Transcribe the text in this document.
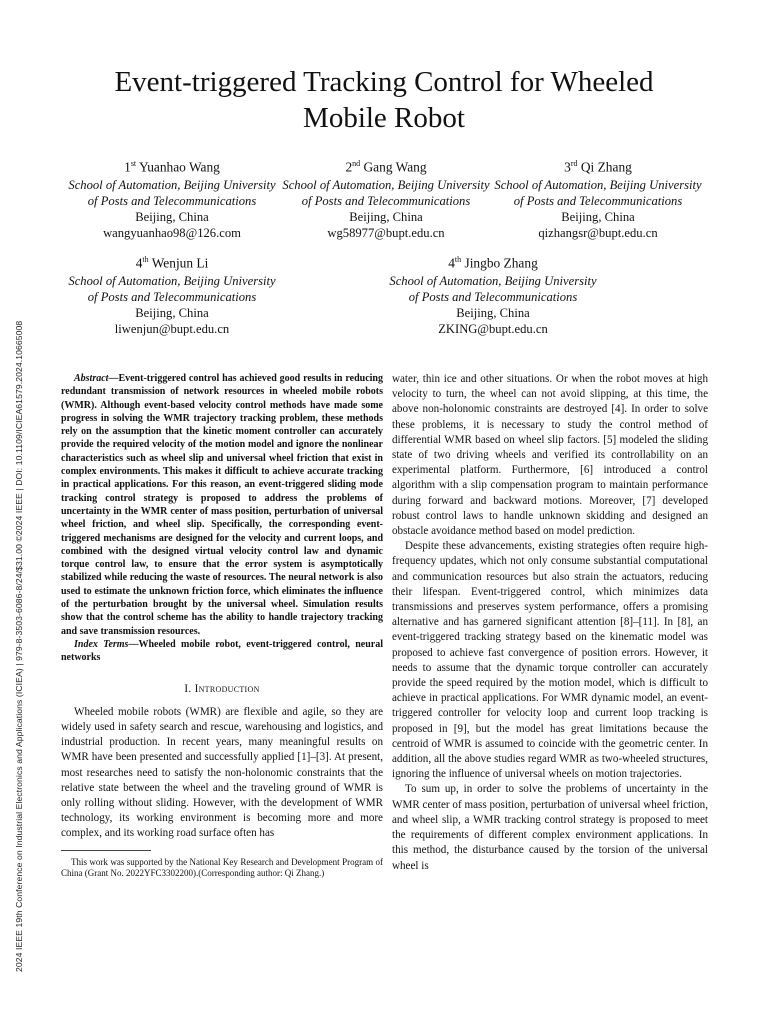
2024 IEEE 19th Conference on Industrial Electronics and Applications (ICIEA) | 979-8-3503-6086-8/24/$31.00 ©2024 IEEE | DOI: 10.1109/ICIEA61579.2024.10665008
Event-triggered Tracking Control for Wheeled
Mobile Robot
1st Yuanhao Wang
School of Automation, Beijing University
of Posts and Telecommunications
Beijing, China
wangyuanhao98@126.com
2nd Gang Wang
School of Automation, Beijing University
of Posts and Telecommunications
Beijing, China
wg58977@bupt.edu.cn
3rd Qi Zhang
School of Automation, Beijing University
of Posts and Telecommunications
Beijing, China
qizhangsr@bupt.edu.cn
4th Wenjun Li
School of Automation, Beijing University
of Posts and Telecommunications
Beijing, China
liwenjun@bupt.edu.cn
4th Jingbo Zhang
School of Automation, Beijing University
of Posts and Telecommunications
Beijing, China
ZKING@bupt.edu.cn

Abstract—Event-triggered control has achieved good results in reducing redundant transmission of network resources in wheeled mobile robots (WMR). Although event-based velocity control methods have made some progress in solving the WMR trajectory tracking problem, these methods rely on the assumption that the kinetic moment controller can accurately provide the required velocity of the motion model and ignore the nonlinear characteristics such as wheel slip and universal wheel friction that exist in complex environments. This makes it difficult to achieve accurate tracking in practical applications. For this reason, an event-triggered sliding mode tracking control strategy is proposed to address the problems of uncertainty in the WMR center of mass position, perturbation of universal wheel friction, and wheel slip. Specifically, the corresponding event-triggered mechanisms are designed for the velocity and current loops, and combined with the designed virtual velocity control law and dynamic torque control law, to ensure that the error system is asymptotically stabilized while reducing the waste of resources. The neural network is also used to estimate the unknown friction force, which eliminates the influence of the perturbation brought by the universal wheel. Simulation results show that the control scheme has the ability to handle trajectory tracking and save transmission resources.

Index Terms—Wheeled mobile robot, event-triggered control, neural networks

I. Introduction

Wheeled mobile robots (WMR) are flexible and agile, so they are widely used in safety search and rescue, warehousing and logistics, and industrial production. In recent years, many meaningful results on WMR have been presented and successfully applied [1]–[3]. At present, most researches need to satisfy the non-holonomic constraints that the relative state between the wheel and the traveling ground of WMR is only rolling without sliding. However, with the development of WMR technology, its working environment is becoming more and more complex, and its working road surface often has

This work was supported by the National Key Research and Development Program of China (Grant No. 2022YFC3302200).(Corresponding author: Qi Zhang.)

water, thin ice and other situations. Or when the robot moves at high velocity to turn, the wheel can not avoid slipping, at this time, the above non-holonomic constraints are destroyed [4]. In order to solve these problems, it is necessary to study the control method of differential WMR based on wheel slip factors. [5] modeled the sliding state of two driving wheels and verified its controllability on an experimental platform. Furthermore, [6] introduced a control algorithm with a slip compensation program to maintain performance during forward and backward motions. Moreover, [7] developed robust control laws to handle unknown skidding and designed an obstacle avoidance method based on model prediction.

Despite these advancements, existing strategies often require high-frequency updates, which not only consume substantial computational and communication resources but also strain the actuators, reducing their lifespan. Event-triggered control, which minimizes data transmissions and preserves system performance, offers a promising alternative and has garnered significant attention [8]–[11]. In [8], an event-triggered tracking strategy based on the kinematic model was proposed to achieve fast convergence of position errors. However, it needs to assume that the dynamic torque controller can accurately provide the speed required by the motion model, which is difficult to achieve in practical applications. For WMR dynamic model, an event-triggered controller for velocity loop and current loop tracking is proposed in [9], but the model has great limitations because the centroid of WMR is assumed to coincide with the geometric center. In addition, all the above studies regard WMR as two-wheeled structures, ignoring the influence of universal wheels on motion trajectories.

To sum up, in order to solve the problems of uncertainty in the WMR center of mass position, perturbation of universal wheel friction, and wheel slip, a WMR tracking control strategy is proposed to meet the requirements of different complex environment applications. In this method, the disturbance caused by the torsion of the universal wheel is
